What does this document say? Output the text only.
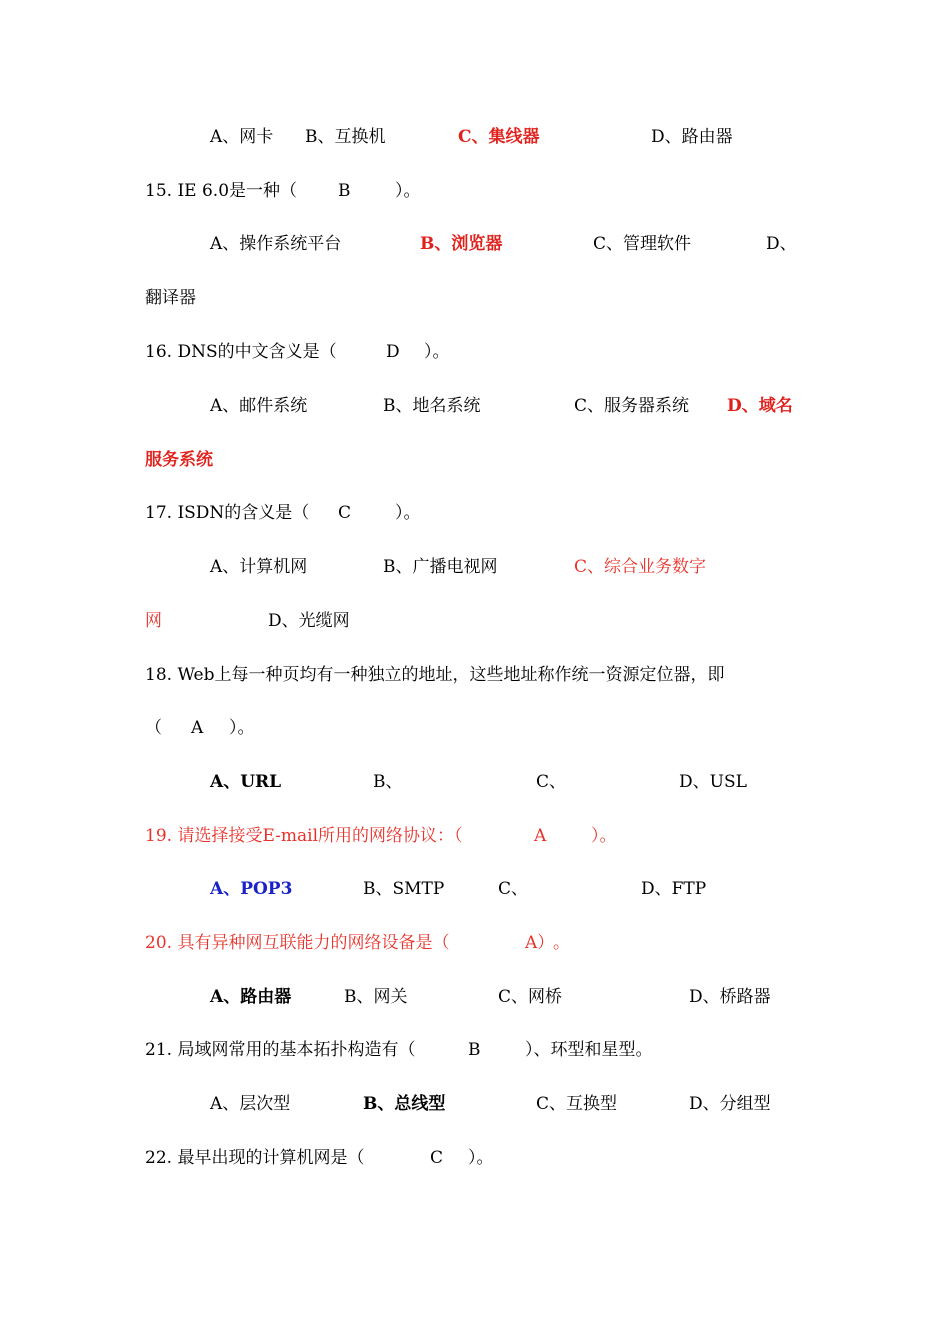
A、网卡 B、互换机	C、集线器	D、路由器
15. IE 6.0是一种（ B	）。
A、操作系统平台	B、浏览器	C、管理软件	D、
翻译器
16. DNS的中文含义是（	D ）。
A、邮件系统	B、地名系统	C、服务器系统 D、域名
服务系统
17. ISDN的含义是（ C	）。
A、计算机网	B、广播电视网	C、综合业务数字
网	D、光缆网
18. Web上每一种页均有一种独立的地址，这些地址称作统一资源定位器，即
（ A ）。
A、URL	B、	C、	D、USL
19. 请选择接受E-mail所用的网络协议：（	A	）。
A、POP3	B、SMTP	C、	D、FTP
20. 具有异种网互联能力的网络设备是（	A）
。
A、路由器	B、网关	C、网桥	D、桥路器
21. 局域网常用的基本拓扑构造有（	B	）、环型和星型。
A、层次型	B、总线型	C、互换型	D、分组型
22. 最早出现的计算机网是（	C ）。
